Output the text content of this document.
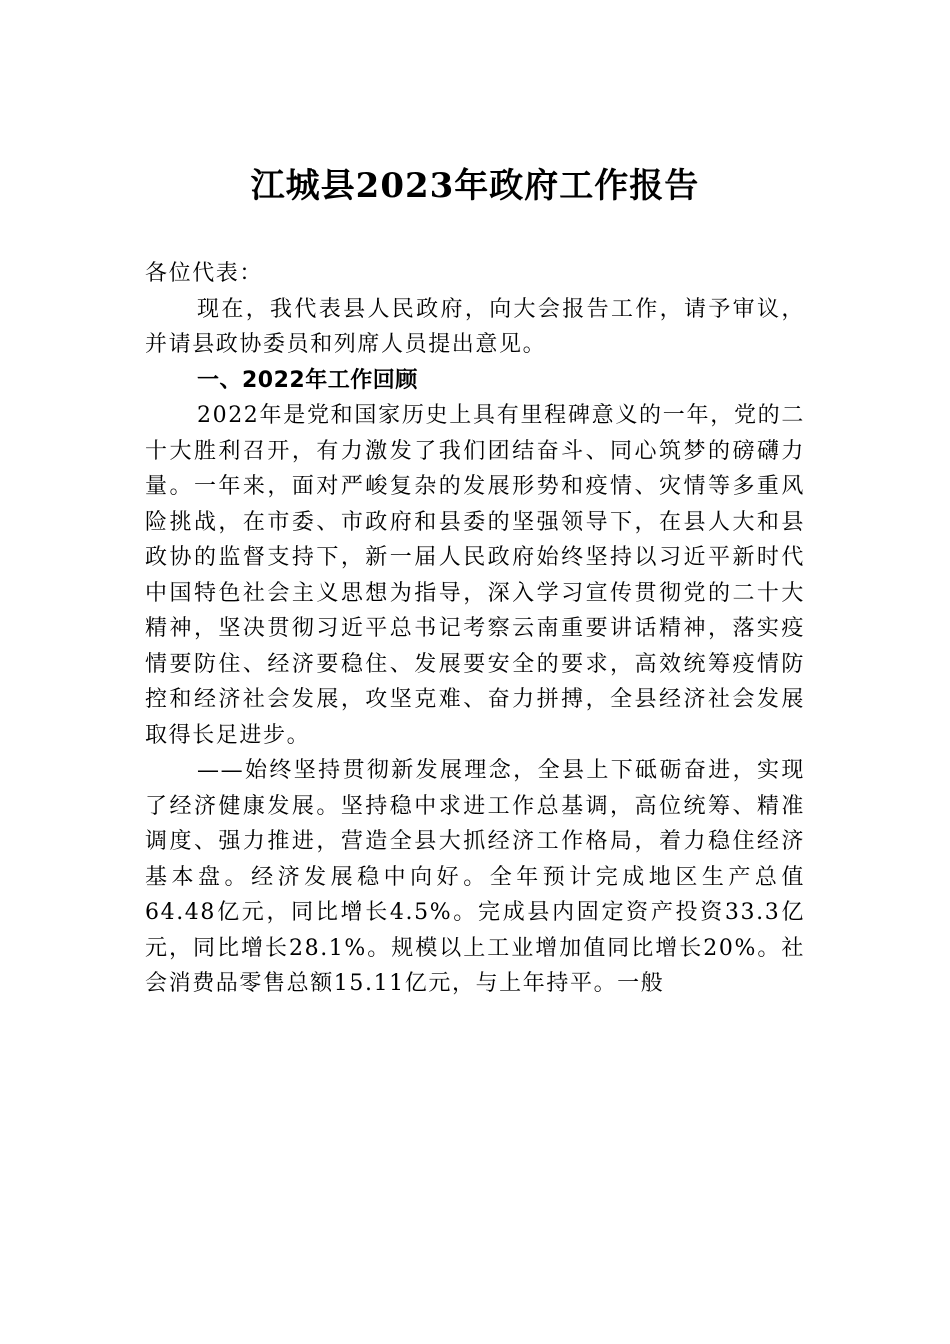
江城县2023年政府工作报告

各位代表：

现在，我代表县人民政府，向大会报告工作，请予审议，并请县政协委员和列席人员提出意见。

一、2022年工作回顾

2022年是党和国家历史上具有里程碑意义的一年，党的二十大胜利召开，有力激发了我们团结奋斗、同心筑梦的磅礴力量。一年来，面对严峻复杂的发展形势和疫情、灾情等多重风险挑战，在市委、市政府和县委的坚强领导下，在县人大和县政协的监督支持下，新一届人民政府始终坚持以习近平新时代中国特色社会主义思想为指导，深入学习宣传贯彻党的二十大精神，坚决贯彻习近平总书记考察云南重要讲话精神，落实疫情要防住、经济要稳住、发展要安全的要求，高效统筹疫情防控和经济社会发展，攻坚克难、奋力拼搏，全县经济社会发展取得长足进步。

——始终坚持贯彻新发展理念，全县上下砥砺奋进，实现了经济健康发展。坚持稳中求进工作总基调，高位统筹、精准调度、强力推进，营造全县大抓经济工作格局，着力稳住经济基本盘。经济发展稳中向好。全年预计完成地区生产总值64.48亿元，同比增长4.5%。完成县内固定资产投资33.3亿元，同比增长28.1%。规模以上工业增加值同比增长20%。社会消费品零售总额15.11亿元，与上年持平。一般
